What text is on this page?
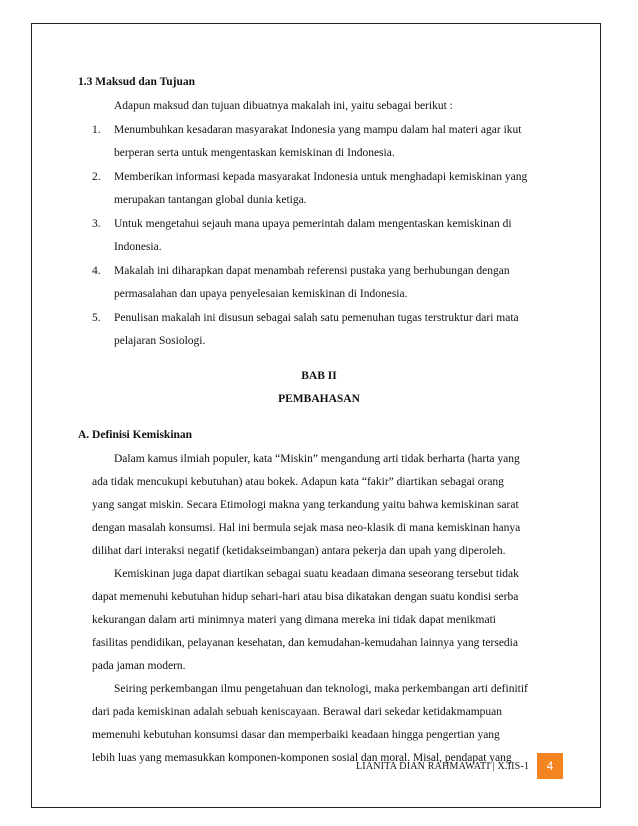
1.3 Maksud dan Tujuan
Adapun maksud dan tujuan dibuatnya makalah ini, yaitu sebagai berikut :
1. Menumbuhkan kesadaran masyarakat Indonesia yang mampu dalam hal materi agar ikut
berperan serta untuk mengentaskan kemiskinan di Indonesia.
2. Memberikan informasi kepada masyarakat Indonesia untuk menghadapi kemiskinan yang
merupakan tantangan global dunia ketiga.
3. Untuk mengetahui sejauh mana upaya pemerintah dalam mengentaskan kemiskinan di
Indonesia.
4. Makalah ini diharapkan dapat menambah referensi pustaka yang berhubungan dengan
permasalahan dan upaya penyelesaian kemiskinan di Indonesia.
5. Penulisan makalah ini disusun sebagai salah satu pemenuhan tugas terstruktur dari mata
pelajaran Sosiologi.
BAB II
PEMBAHASAN
A. Definisi Kemiskinan
Dalam kamus ilmiah populer, kata “Miskin” mengandung arti tidak berharta (harta yang
ada tidak mencukupi kebutuhan) atau bokek. Adapun kata “fakir” diartikan sebagai orang
yang sangat miskin. Secara Etimologi makna yang terkandung yaitu bahwa kemiskinan sarat
dengan masalah konsumsi. Hal ini bermula sejak masa neo-klasik di mana kemiskinan hanya
dilihat dari interaksi negatif (ketidakseimbangan) antara pekerja dan upah yang diperoleh.
Kemiskinan juga dapat diartikan sebagai suatu keadaan dimana seseorang tersebut tidak
dapat memenuhi kebutuhan hidup sehari-hari atau bisa dikatakan dengan suatu kondisi serba
kekurangan dalam arti minimnya materi yang dimana mereka ini tidak dapat menikmati
fasilitas pendidikan, pelayanan kesehatan, dan kemudahan-kemudahan lainnya yang tersedia
pada jaman modern.
Seiring perkembangan ilmu pengetahuan dan teknologi, maka perkembangan arti definitif
dari pada kemiskinan adalah sebuah keniscayaan. Berawal dari sekedar ketidakmampuan
memenuhi kebutuhan konsumsi dasar dan memperbaiki keadaan hingga pengertian yang
lebih luas yang memasukkan komponen-komponen sosial dan moral. Misal, pendapat yang
LIANITA DIAN RAHMAWATI | X.IIS-1 4
